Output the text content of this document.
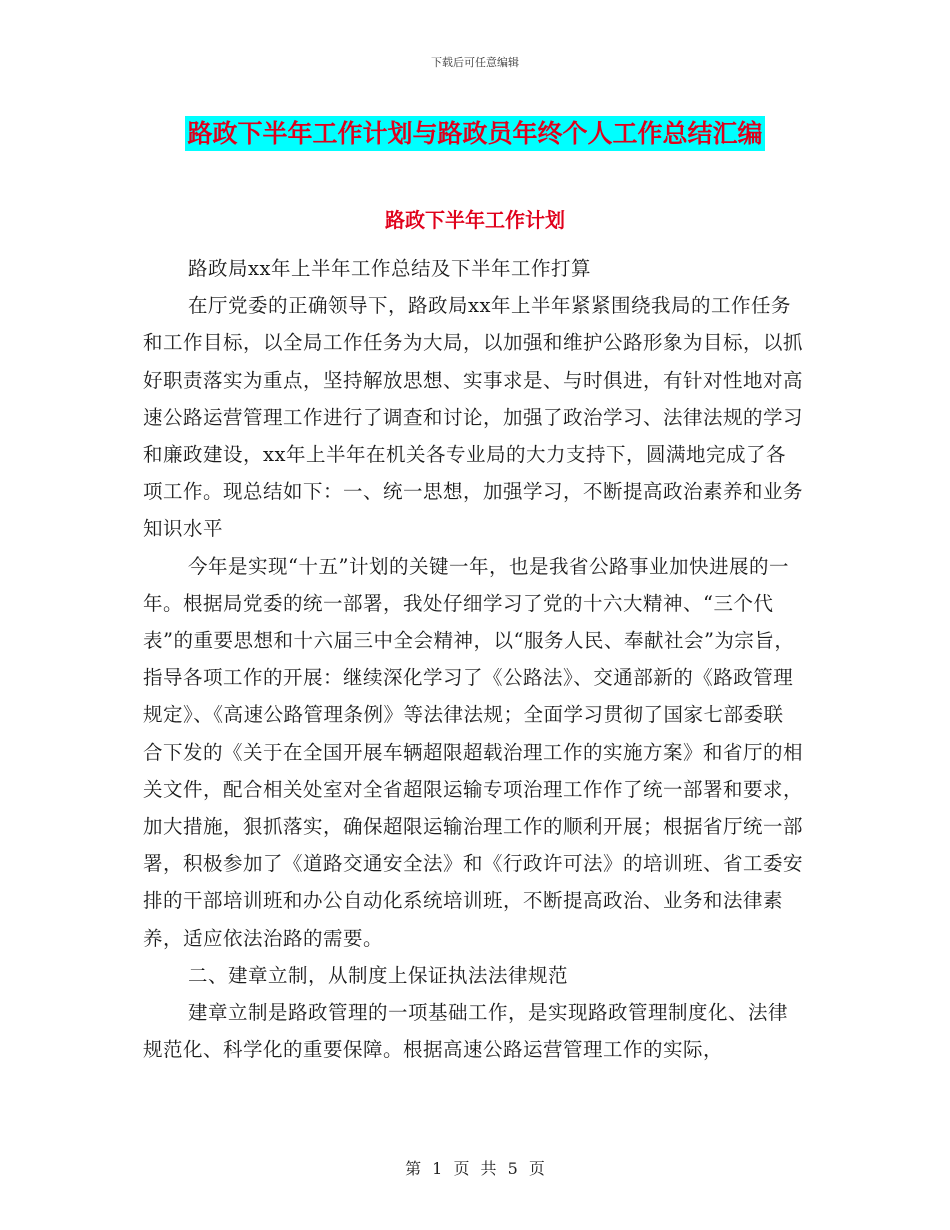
下载后可任意编辑
路政下半年工作计划与路政员年终个人工作总结汇编
路政下半年工作计划

路政局xx年上半年工作总结及下半年工作打算

在厅党委的正确领导下，路政局xx年上半年紧紧围绕我局的工作任务和工作目标，以全局工作任务为大局，以加强和维护公路形象为目标，以抓好职责落实为重点，坚持解放思想、实事求是、与时俱进，有针对性地对高速公路运营管理工作进行了调查和讨论，加强了政治学习、法律法规的学习和廉政建设，xx年上半年在机关各专业局的大力支持下，圆满地完成了各项工作。现总结如下：一、统一思想，加强学习，不断提高政治素养和业务知识水平

今年是实现“十五”计划的关键一年，也是我省公路事业加快进展的一年。根据局党委的统一部署，我处仔细学习了党的十六大精神、“三个代表”的重要思想和十六届三中全会精神，以“服务人民、奉献社会”为宗旨，指导各项工作的开展：继续深化学习了《公路法》、交通部新的《路政管理规定》、《高速公路管理条例》等法律法规；全面学习贯彻了国家七部委联合下发的《关于在全国开展车辆超限超载治理工作的实施方案》和省厅的相关文件，配合相关处室对全省超限运输专项治理工作作了统一部署和要求，加大措施，狠抓落实，确保超限运输治理工作的顺利开展；根据省厅统一部署，积极参加了《道路交通安全法》和《行政许可法》的培训班、省工委安排的干部培训班和办公自动化系统培训班，不断提高政治、业务和法律素养，适应依法治路的需要。

二、建章立制，从制度上保证执法法律规范

建章立制是路政管理的一项基础工作，是实现路政管理制度化、法律规范化、科学化的重要保障。根据高速公路运营管理工作的实际，

第 1 页 共 5 页
